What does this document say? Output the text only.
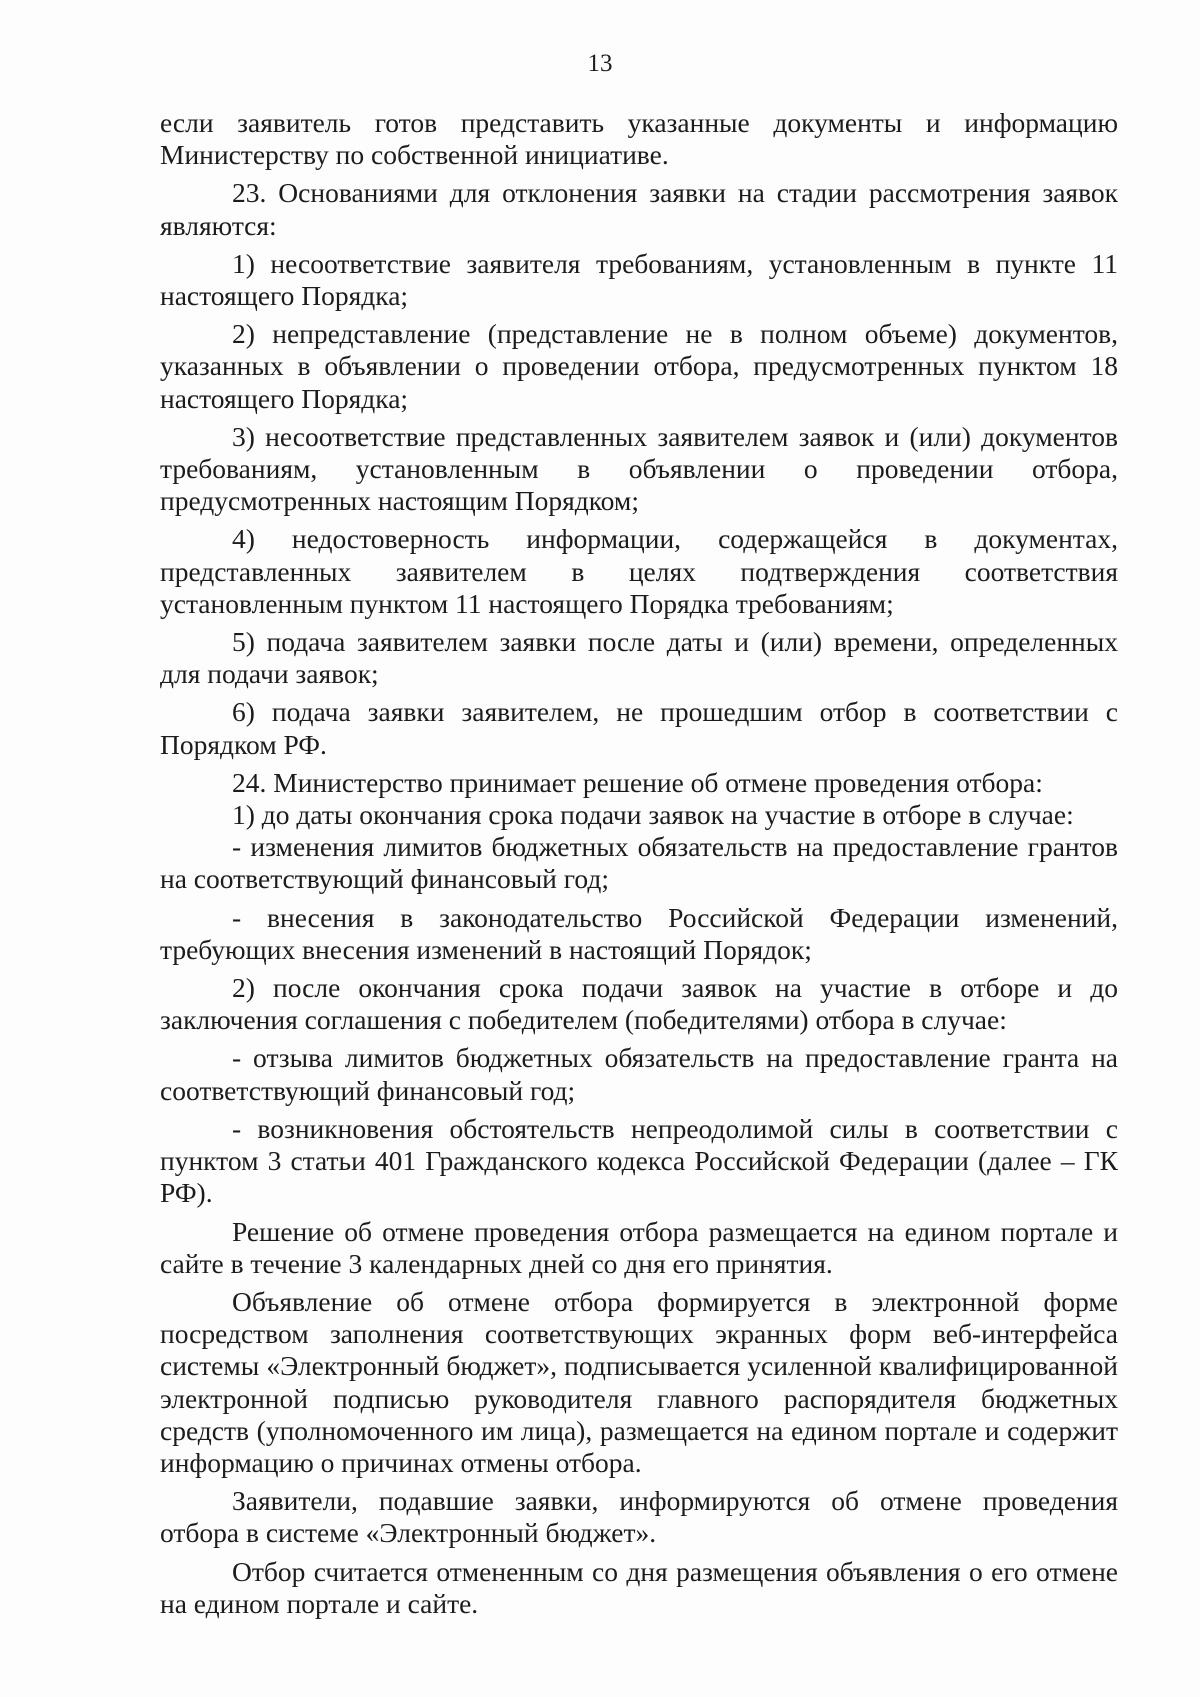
13

если заявитель готов представить указанные документы и информацию Министерству по собственной инициативе.

23. Основаниями для отклонения заявки на стадии рассмотрения заявок являются:

1) несоответствие заявителя требованиям, установленным в пункте 11 настоящего Порядка;

2) непредставление (представление не в полном объеме) документов, указанных в объявлении о проведении отбора, предусмотренных пунктом 18 настоящего Порядка;

3) несоответствие представленных заявителем заявок и (или) документов требованиям, установленным в объявлении о проведении отбора, предусмотренных настоящим Порядком;

4) недостоверность информации, содержащейся в документах, представленных заявителем в целях подтверждения соответствия установленным пунктом 11 настоящего Порядка требованиям;

5) подача заявителем заявки после даты и (или) времени, определенных для подачи заявок;

6) подача заявки заявителем, не прошедшим отбор в соответствии с Порядком РФ.

24. Министерство принимает решение об отмене проведения отбора:

1) до даты окончания срока подачи заявок на участие в отборе в случае:

- изменения лимитов бюджетных обязательств на предоставление грантов на соответствующий финансовый год;

- внесения в законодательство Российской Федерации изменений, требующих внесения изменений в настоящий Порядок;

2) после окончания срока подачи заявок на участие в отборе и до заключения соглашения с победителем (победителями) отбора в случае:

- отзыва лимитов бюджетных обязательств на предоставление гранта на соответствующий финансовый год;

- возникновения обстоятельств непреодолимой силы в соответствии с пунктом 3 статьи 401 Гражданского кодекса Российской Федерации (далее – ГК РФ).

Решение об отмене проведения отбора размещается на едином портале и сайте в течение 3 календарных дней со дня его принятия.

Объявление об отмене отбора формируется в электронной форме посредством заполнения соответствующих экранных форм веб-интерфейса системы «Электронный бюджет», подписывается усиленной квалифицированной электронной подписью руководителя главного распорядителя бюджетных средств (уполномоченного им лица), размещается на едином портале и содержит информацию о причинах отмены отбора.

Заявители, подавшие заявки, информируются об отмене проведения отбора в системе «Электронный бюджет».

Отбор считается отмененным со дня размещения объявления о его отмене на едином портале и сайте.
